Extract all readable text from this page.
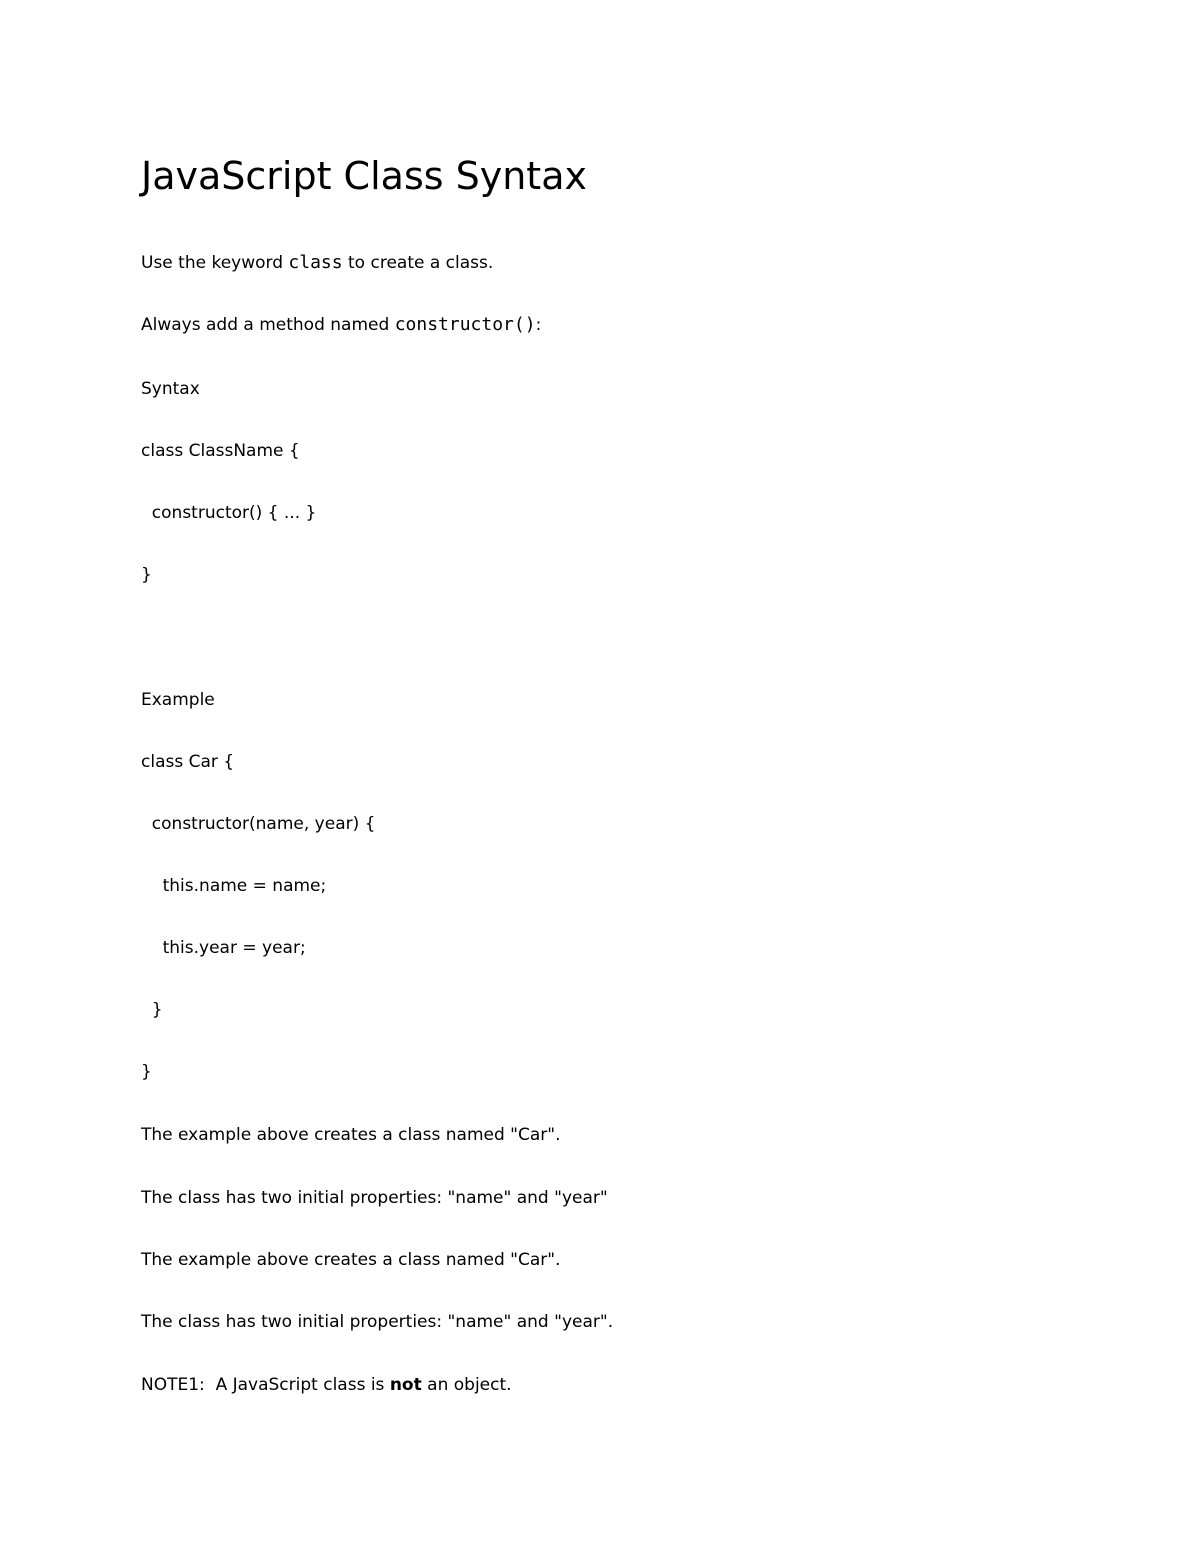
JavaScript Class Syntax

Use the keyword class to create a class.

Always add a method named constructor():

Syntax

class ClassName {

constructor() { ... }

}

Example

class Car {

constructor(name, year) {

this.name = name;

this.year = year;

}

}

The example above creates a class named "Car".

The class has two initial properties: "name" and "year"

The example above creates a class named "Car".

The class has two initial properties: "name" and "year".

NOTE1:  A JavaScript class is not an object.
